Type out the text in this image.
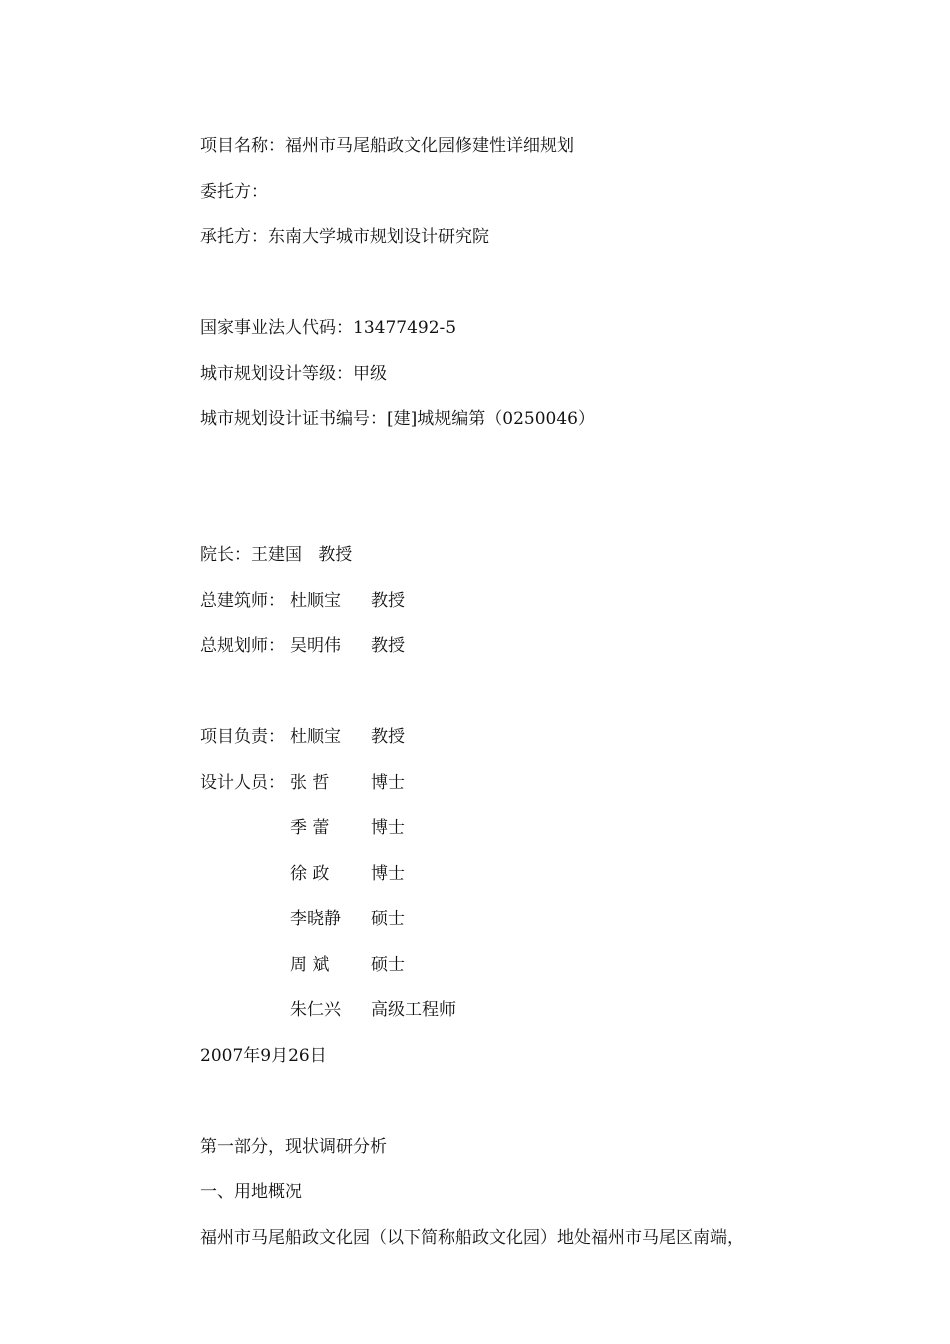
项目名称：福州市马尾船政文化园修建性详细规划
委托方：
承托方：东南大学城市规划设计研究院
国家事业法人代码：13477492-5
城市规划设计等级：甲级
城市规划设计证书编号：[建]城规编第（0250046）
院长：王建国   教授
总建筑师： 杜顺宝 教授
总规划师： 吴明伟 教授
项目负责： 杜顺宝 教授
设计人员： 张 哲 博士
季 蕾 博士
徐 政 博士
李晓静 硕士
周 斌 硕士
朱仁兴 高级工程师
2007年9月26日
第一部分，现状调研分析
一、用地概况
福州市马尾船政文化园（以下简称船政文化园）地处福州市马尾区南端，
